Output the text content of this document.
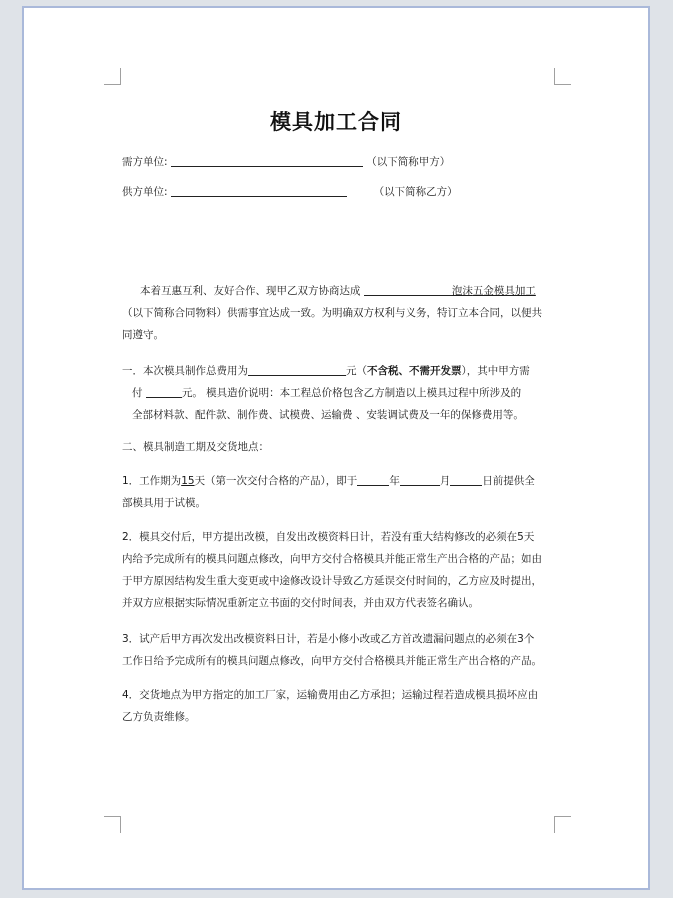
模具加工合同
需方单位:	（以下简称甲方）
供方单位:	（以下简称乙方）
本着互惠互利、友好合作、现甲乙双方协商达成	泡沫五金模具加工
（以下简称合同物料）供需事宜达成一致。为明确双方权利与义务，特订立本合同，以便共
同遵守。
一．本次模具制作总费用为	元（不含税、不需开发票），其中甲方需
付	元。 模具造价说明：本工程总价格包含乙方制造以上模具过程中所涉及的
全部材料款、配件款、制作费、试模费、运输费 、安装调试费及一年的保修费用等。
二、模具制造工期及交货地点：
1．工作期为15天（第一次交付合格的产品），即于	年	月	日前提供全
部模具用于试模。
2．模具交付后，甲方提出改模，自发出改模资料日计，若没有重大结构修改的必须在5天
内给予完成所有的模具问题点修改，向甲方交付合格模具并能正常生产出合格的产品；如由
于甲方原因结构发生重大变更或中途修改设计导致乙方延误交付时间的，乙方应及时提出，
并双方应根据实际情况重新定立书面的交付时间表，并由双方代表签名确认。
3．试产后甲方再次发出改模资料日计，若是小修小改或乙方首改遗漏问题点的必须在3个
工作日给予完成所有的模具问题点修改，向甲方交付合格模具并能正常生产出合格的产品。
4．交货地点为甲方指定的加工厂家，运输费用由乙方承担；运输过程若造成模具损坏应由
乙方负责维修。
